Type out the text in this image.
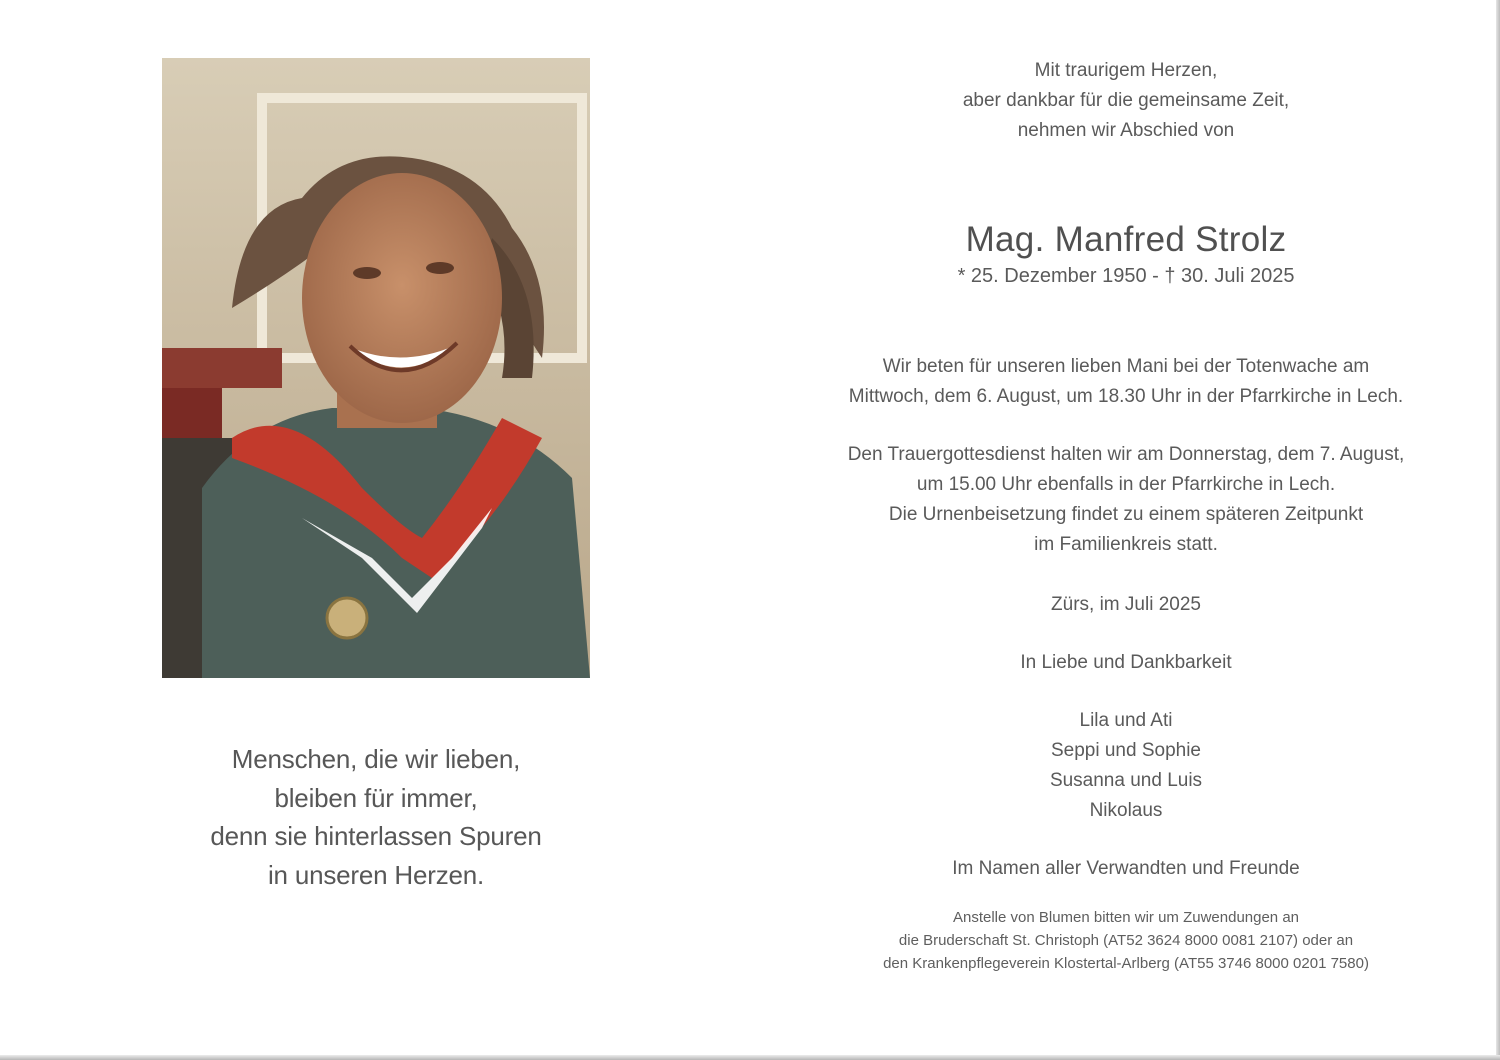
Menschen, die wir lieben,
bleiben für immer,
denn sie hinterlassen Spuren
in unseren Herzen.
Mit traurigem Herzen,
aber dankbar für die gemeinsame Zeit,
nehmen wir Abschied von
Mag. Manfred Strolz
* 25. Dezember 1950 - † 30. Juli 2025
Wir beten für unseren lieben Mani bei der Totenwache am
Mittwoch, dem 6. August, um 18.30 Uhr in der Pfarrkirche in Lech.
Den Trauergottesdienst halten wir am Donnerstag, dem 7. August,
um 15.00 Uhr ebenfalls in der Pfarrkirche in Lech.
Die Urnenbeisetzung findet zu einem späteren Zeitpunkt
im Familienkreis statt.
Zürs, im Juli 2025
In Liebe und Dankbarkeit
Lila und Ati
Seppi und Sophie
Susanna und Luis
Nikolaus
Im Namen aller Verwandten und Freunde
Anstelle von Blumen bitten wir um Zuwendungen an
die Bruderschaft St. Christoph (AT52 3624 8000 0081 2107) oder an
den Krankenpflegeverein Klostertal-Arlberg (AT55 3746 8000 0201 7580)
